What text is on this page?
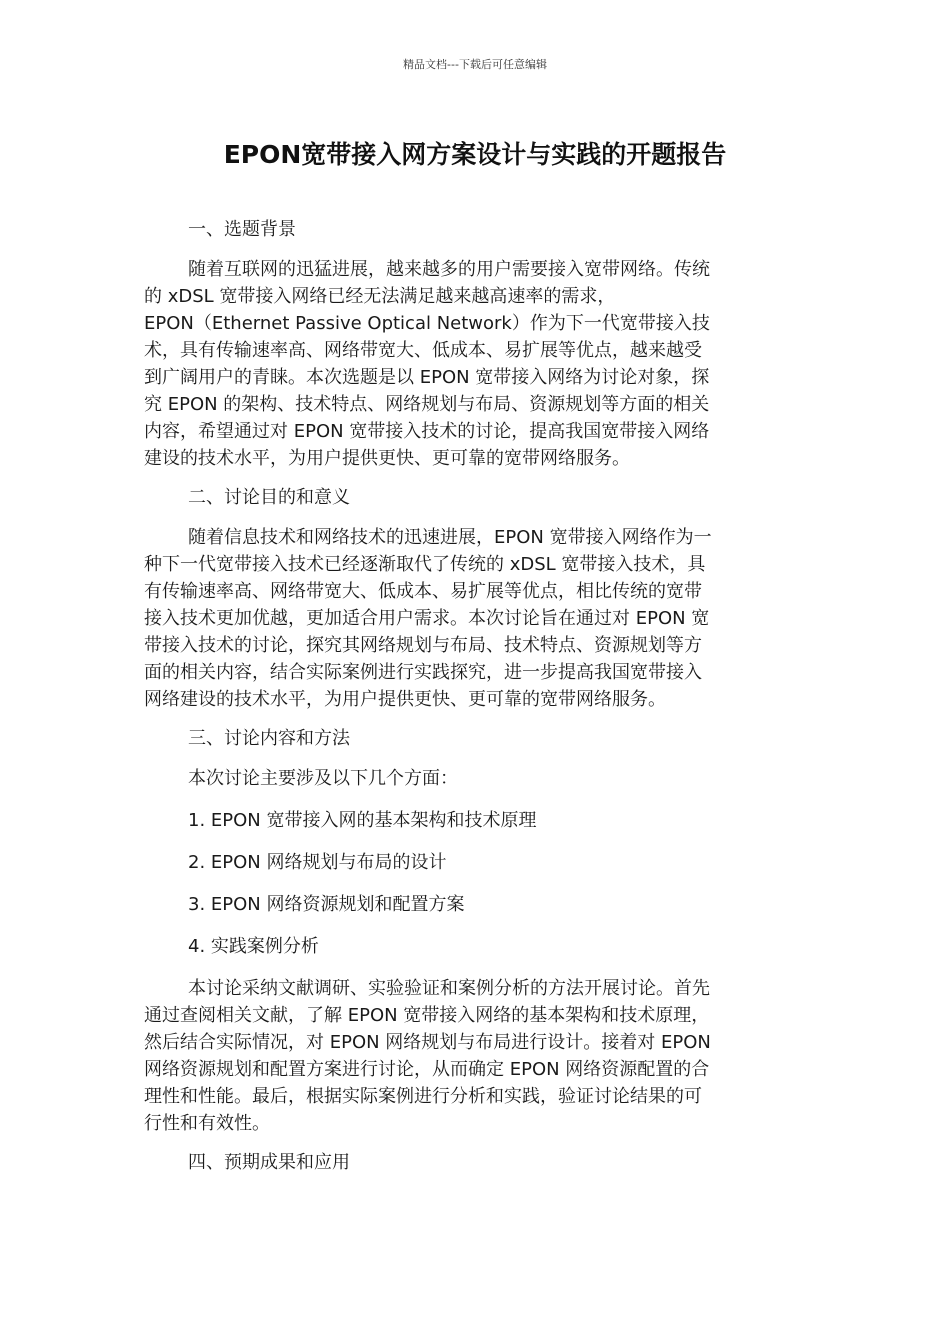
精品文档---下载后可任意编辑
EPON宽带接入网方案设计与实践的开题报告
一、选题背景
随着互联网的迅猛进展，越来越多的用户需要接入宽带网络。传统
的 xDSL 宽带接入网络已经无法满足越来越高速率的需求，
EPON（Ethernet Passive Optical Network）作为下一代宽带接入技
术，具有传输速率高、网络带宽大、低成本、易扩展等优点，越来越受
到广阔用户的青睐。本次选题是以 EPON 宽带接入网络为讨论对象，探
究 EPON 的架构、技术特点、网络规划与布局、资源规划等方面的相关
内容，希望通过对 EPON 宽带接入技术的讨论，提高我国宽带接入网络
建设的技术水平，为用户提供更快、更可靠的宽带网络服务。
二、讨论目的和意义
随着信息技术和网络技术的迅速进展，EPON 宽带接入网络作为一
种下一代宽带接入技术已经逐渐取代了传统的 xDSL 宽带接入技术，具
有传输速率高、网络带宽大、低成本、易扩展等优点，相比传统的宽带
接入技术更加优越，更加适合用户需求。本次讨论旨在通过对 EPON 宽
带接入技术的讨论，探究其网络规划与布局、技术特点、资源规划等方
面的相关内容，结合实际案例进行实践探究，进一步提高我国宽带接入
网络建设的技术水平，为用户提供更快、更可靠的宽带网络服务。
三、讨论内容和方法
本次讨论主要涉及以下几个方面：
1. EPON 宽带接入网的基本架构和技术原理
2. EPON 网络规划与布局的设计
3. EPON 网络资源规划和配置方案
4. 实践案例分析
本讨论采纳文献调研、实验验证和案例分析的方法开展讨论。首先
通过查阅相关文献，了解 EPON 宽带接入网络的基本架构和技术原理，
然后结合实际情况，对 EPON 网络规划与布局进行设计。接着对 EPON
网络资源规划和配置方案进行讨论，从而确定 EPON 网络资源配置的合
理性和性能。最后，根据实际案例进行分析和实践，验证讨论结果的可
行性和有效性。
四、预期成果和应用
